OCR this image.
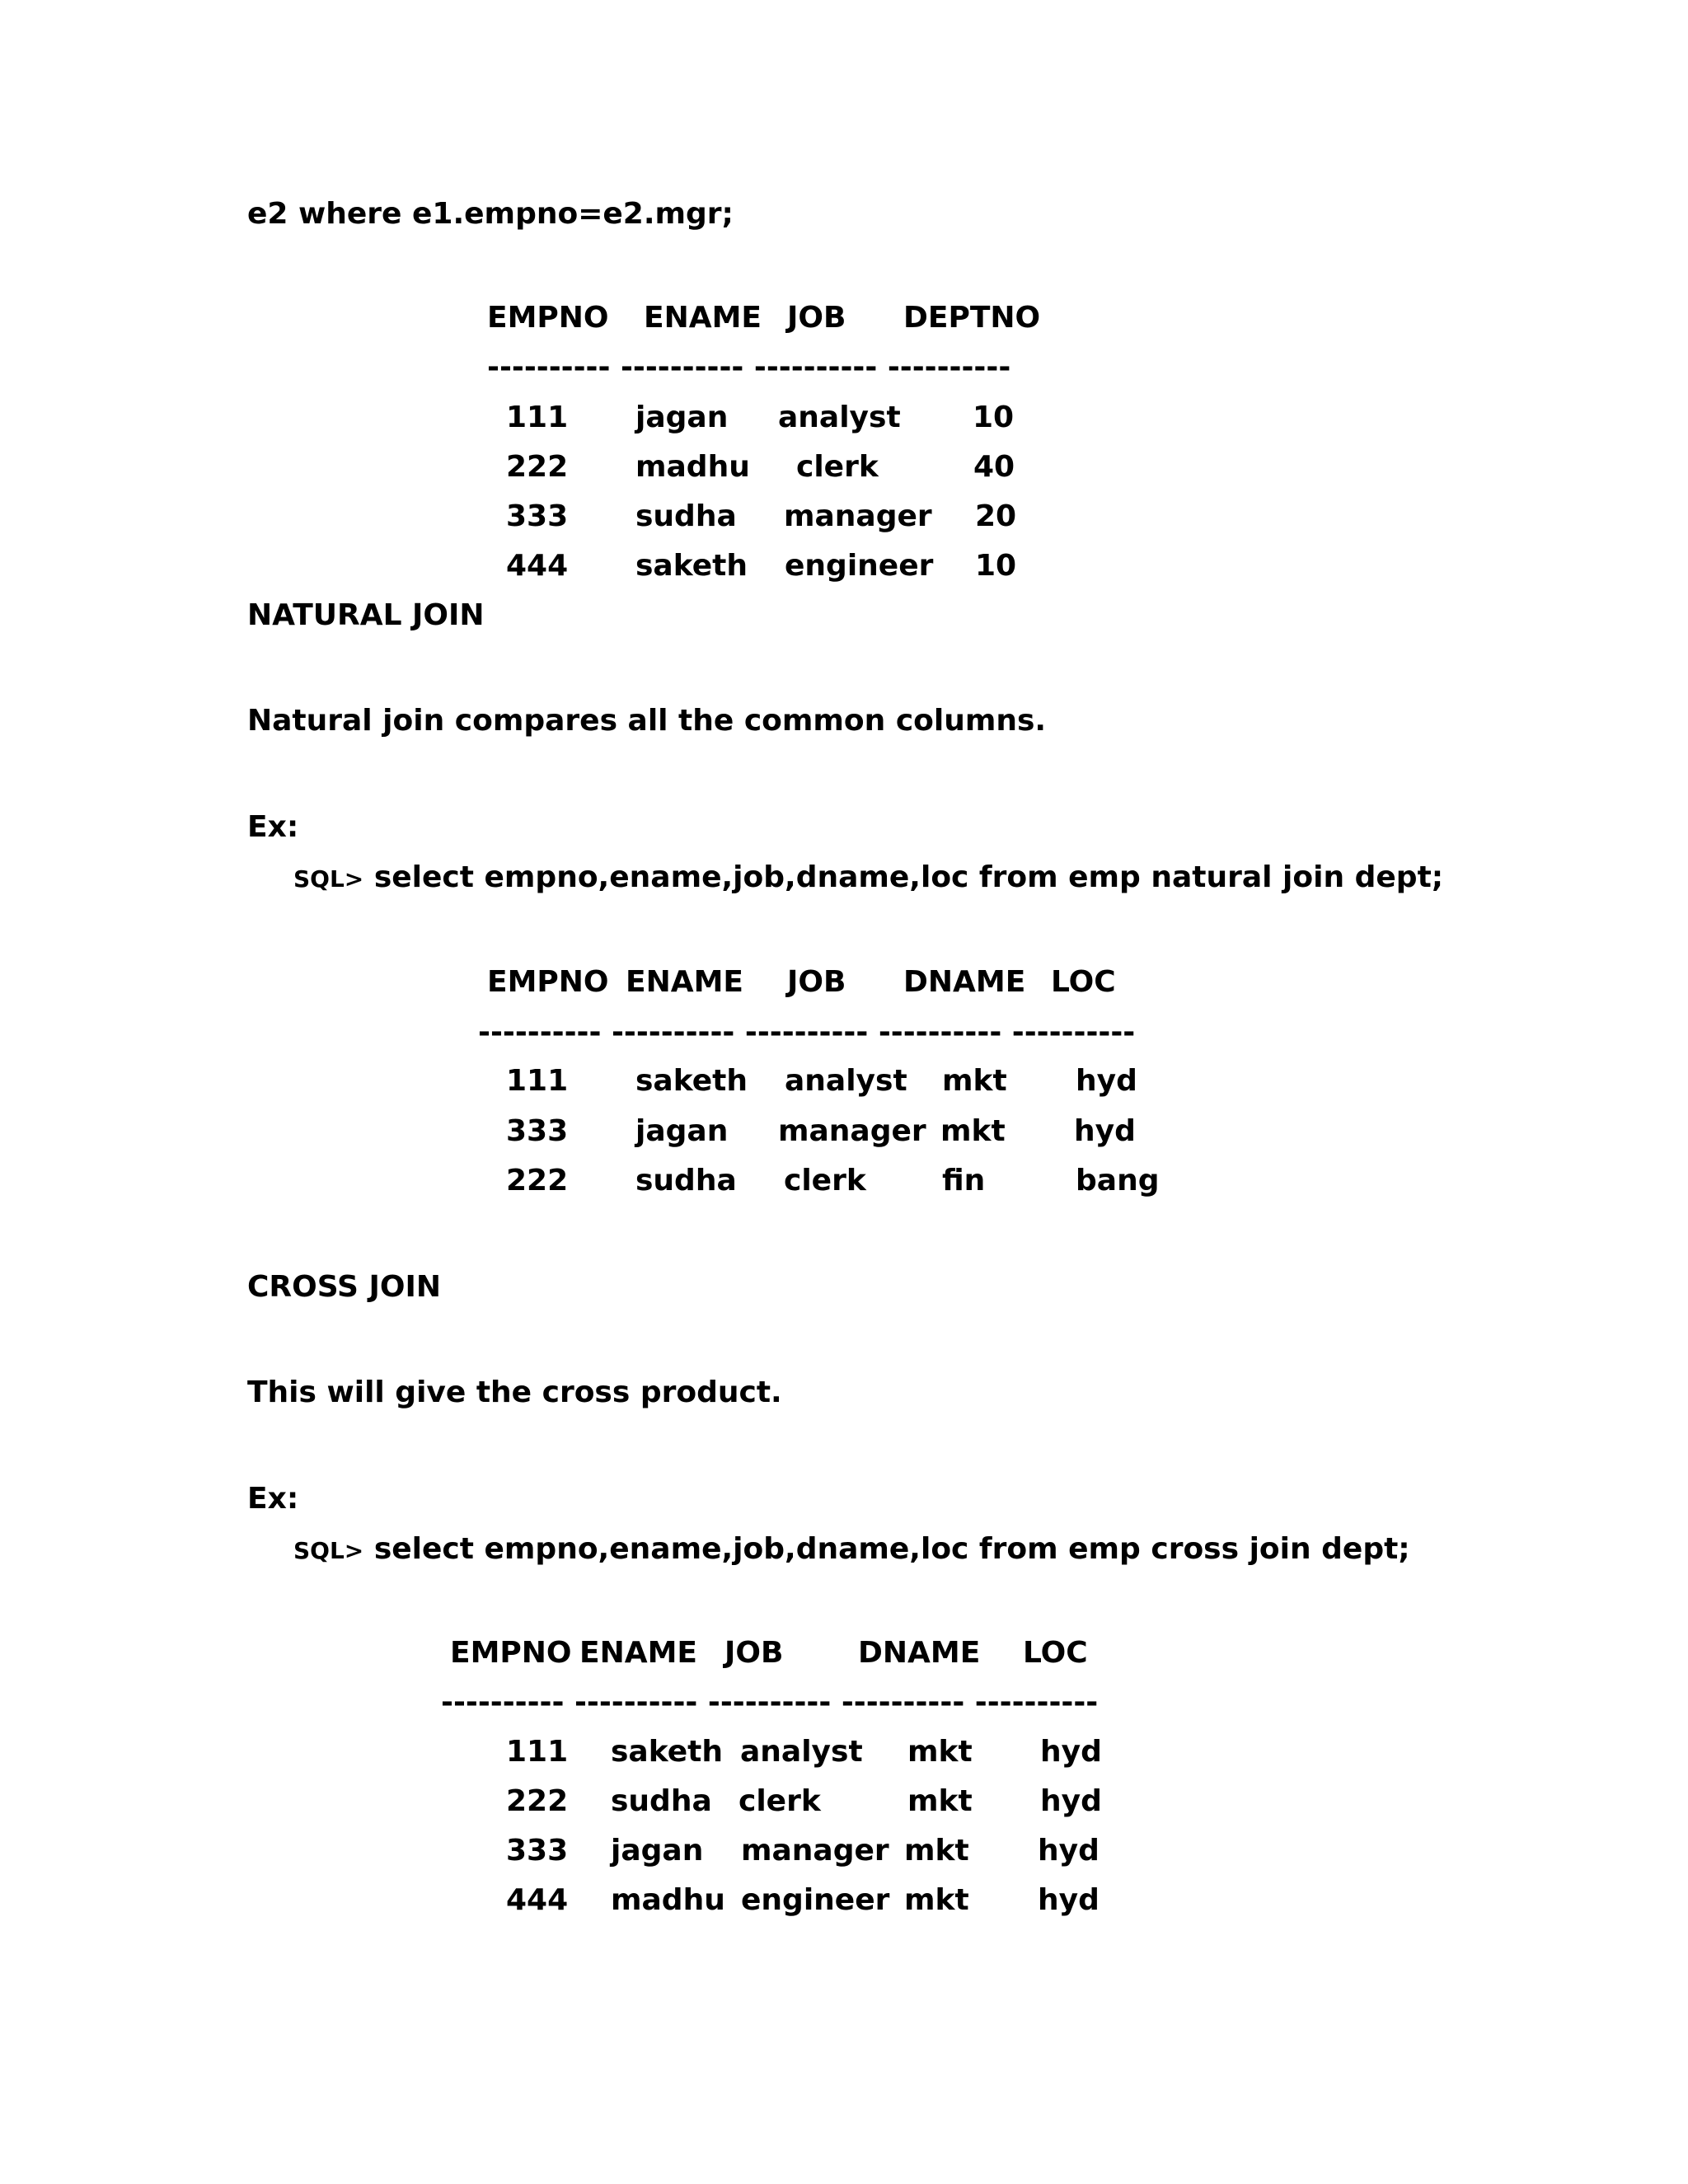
e2 where e1.empno=e2.mgr;
EMPNO ENAME JOB DEPTNO
---------- ---------- ---------- ----------
111 jagan analyst 10
222 madhu clerk	40
333 sudha manager 20
444 saketh engineer 10
NATURAL JOIN
Natural join compares all the common columns.
Ex:
SQL> select empno,ename,job,dname,loc from emp natural join dept;
EMPNO ENAME JOB DNAME LOC
---------- ---------- ---------- ---------- ----------
111 saketh analyst mkt hyd
333 jagan manager mkt hyd
222 sudha clerk	fin	bang
CROSS JOIN
This will give the cross product.
Ex:
SQL> select empno,ename,job,dname,loc from emp cross join dept;
EMPNO ENAME JOB	DNAME LOC
---------- ---------- ---------- ---------- ----------
111 saketh analyst mkt hyd
222 sudha clerk	mkt hyd
333 jagan manager mkt hyd
444 madhu engineer mkt hyd
